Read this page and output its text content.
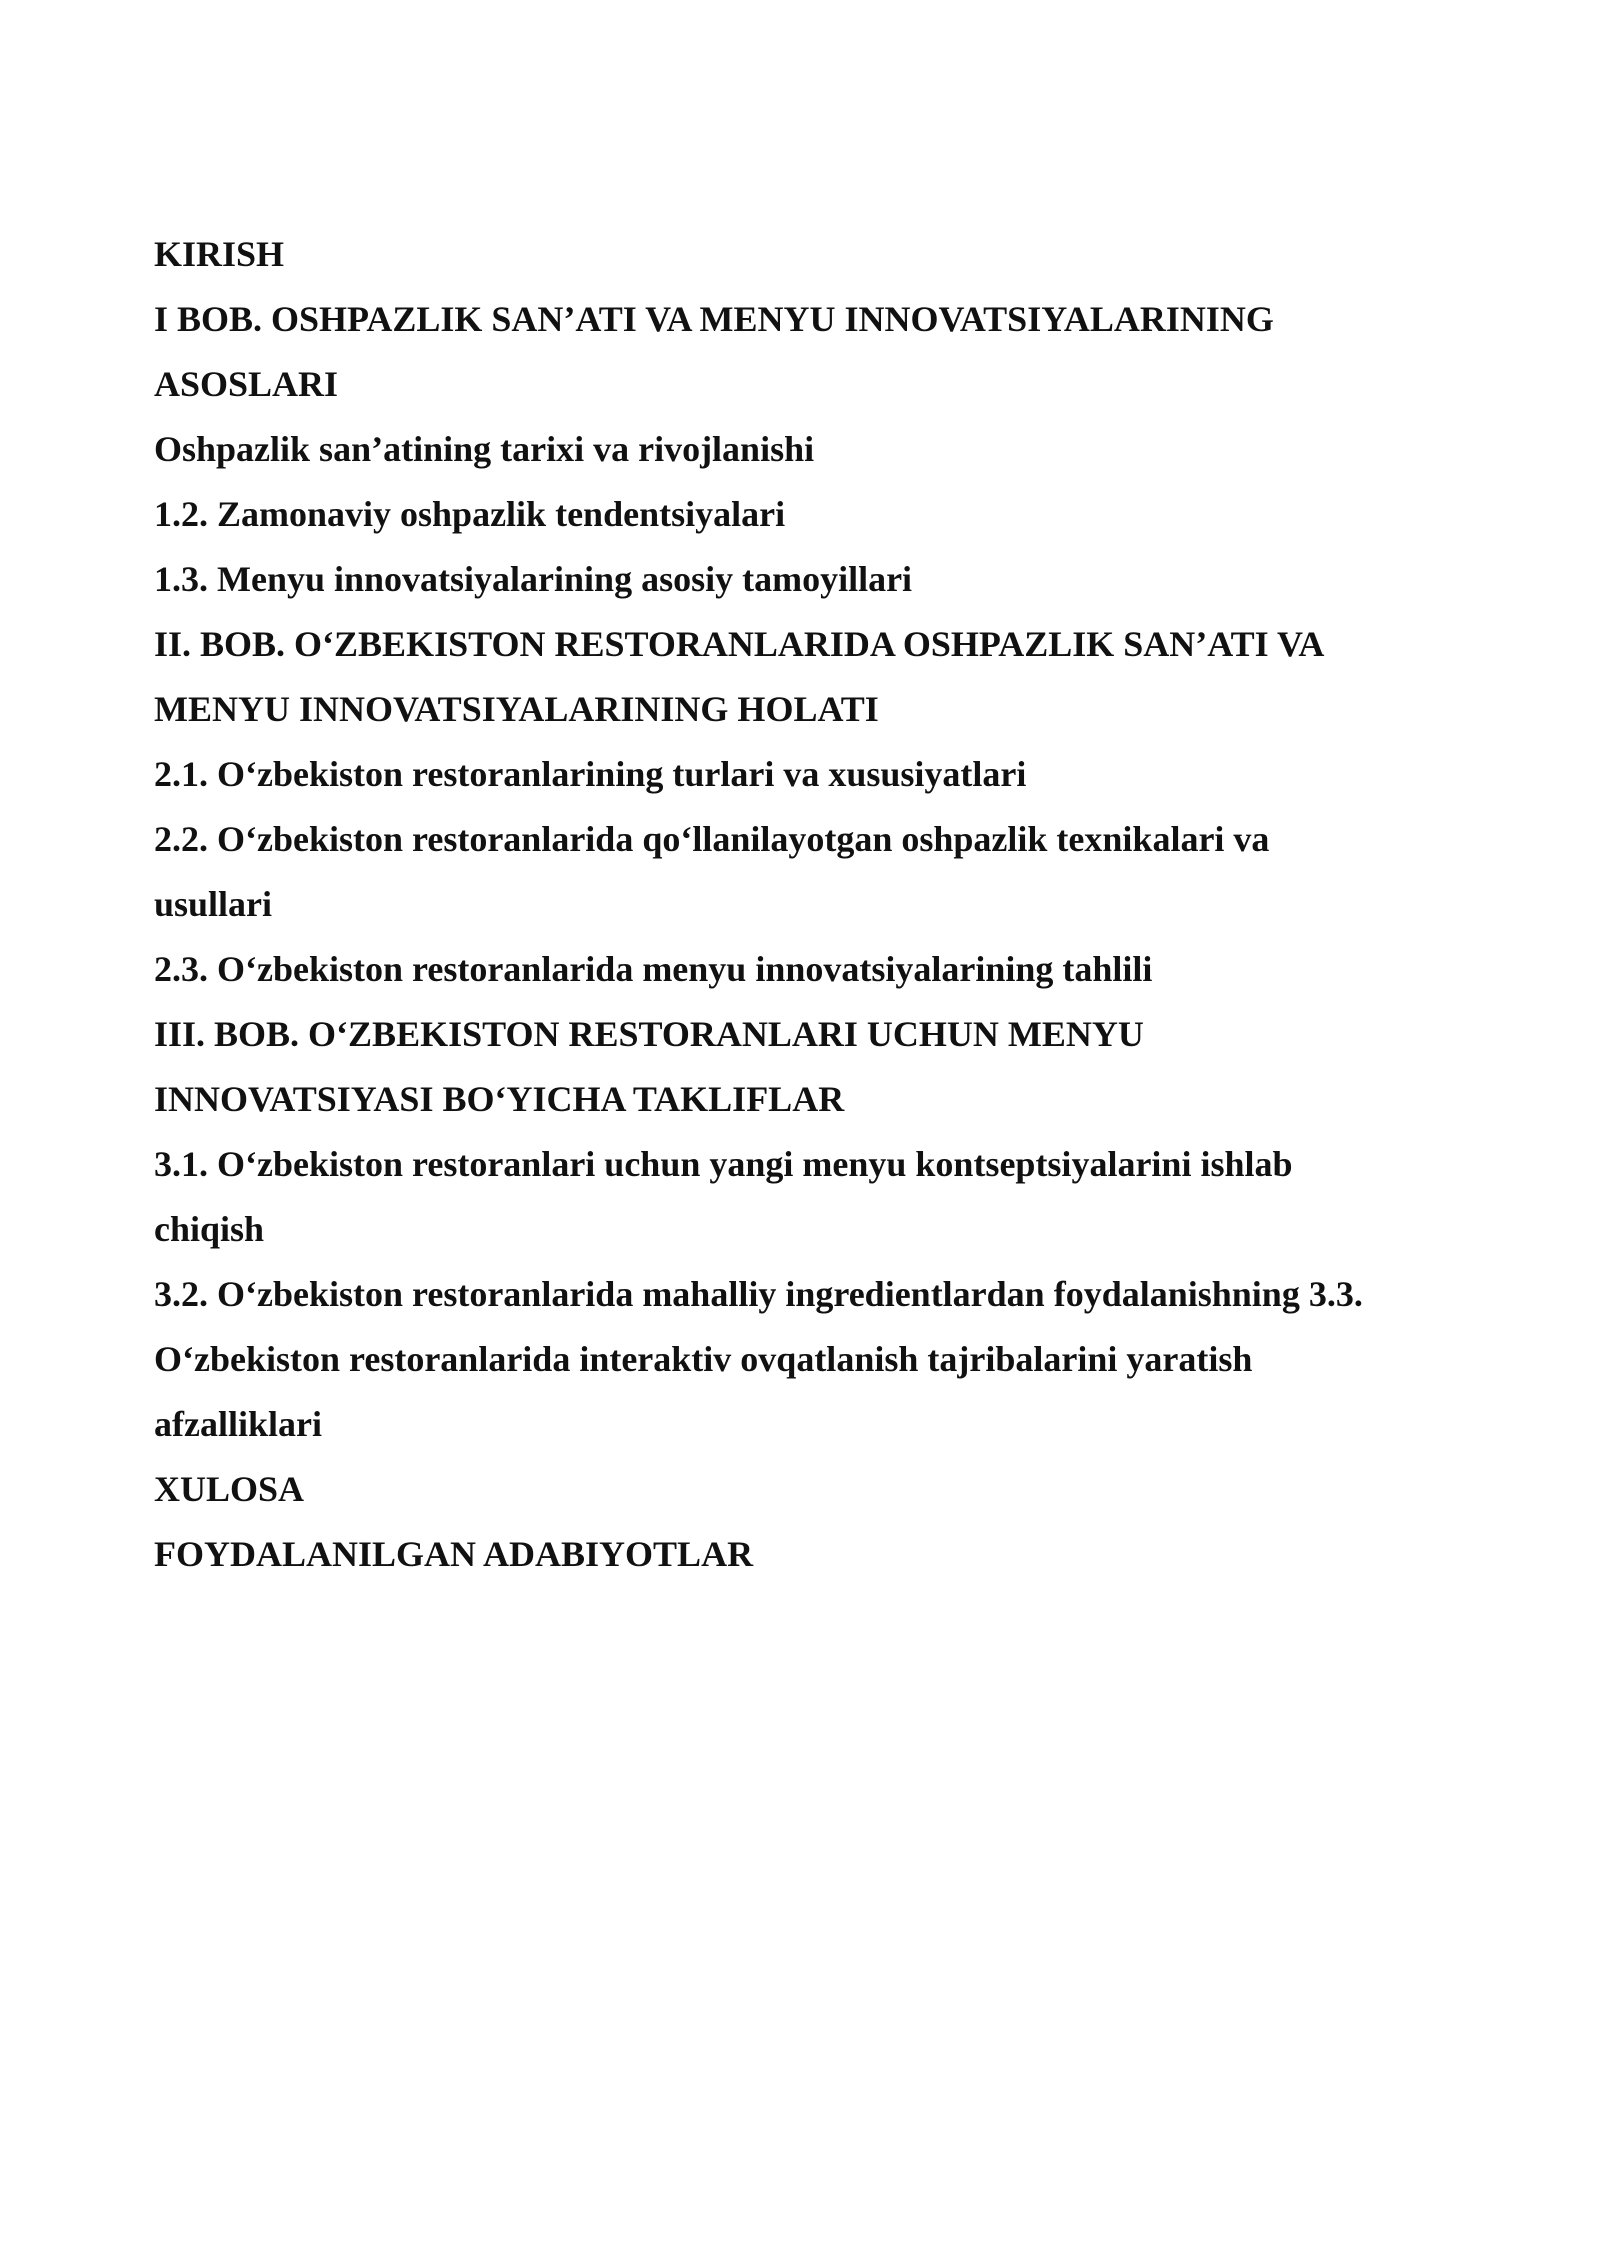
KIRISH

I BOB. OSHPAZLIK SAN’ATI VA MENYU INNOVATSIYALARINING

ASOSLARI

Oshpazlik san’atining tarixi va rivojlanishi

1.2. Zamonaviy oshpazlik tendentsiyalari

1.3. Menyu innovatsiyalarining asosiy tamoyillari

II. BOB. O‘ZBEKISTON RESTORANLARIDA OSHPAZLIK SAN’ATI VA

MENYU INNOVATSIYALARINING HOLATI

2.1. O‘zbekiston restoranlarining turlari va xususiyatlari

2.2. O‘zbekiston restoranlarida qo‘llanilayotgan oshpazlik texnikalari va

usullari

2.3. O‘zbekiston restoranlarida menyu innovatsiyalarining tahlili

III. BOB. O‘ZBEKISTON RESTORANLARI UCHUN MENYU

INNOVATSIYASI BO‘YICHA TAKLIFLAR

3.1. O‘zbekiston restoranlari uchun yangi menyu kontseptsiyalarini ishlab

chiqish

3.2. O‘zbekiston restoranlarida mahalliy ingredientlardan foydalanishning 3.3.

O‘zbekiston restoranlarida interaktiv ovqatlanish tajribalarini yaratish

afzalliklari

XULOSA

FOYDALANILGAN ADABIYOTLAR
